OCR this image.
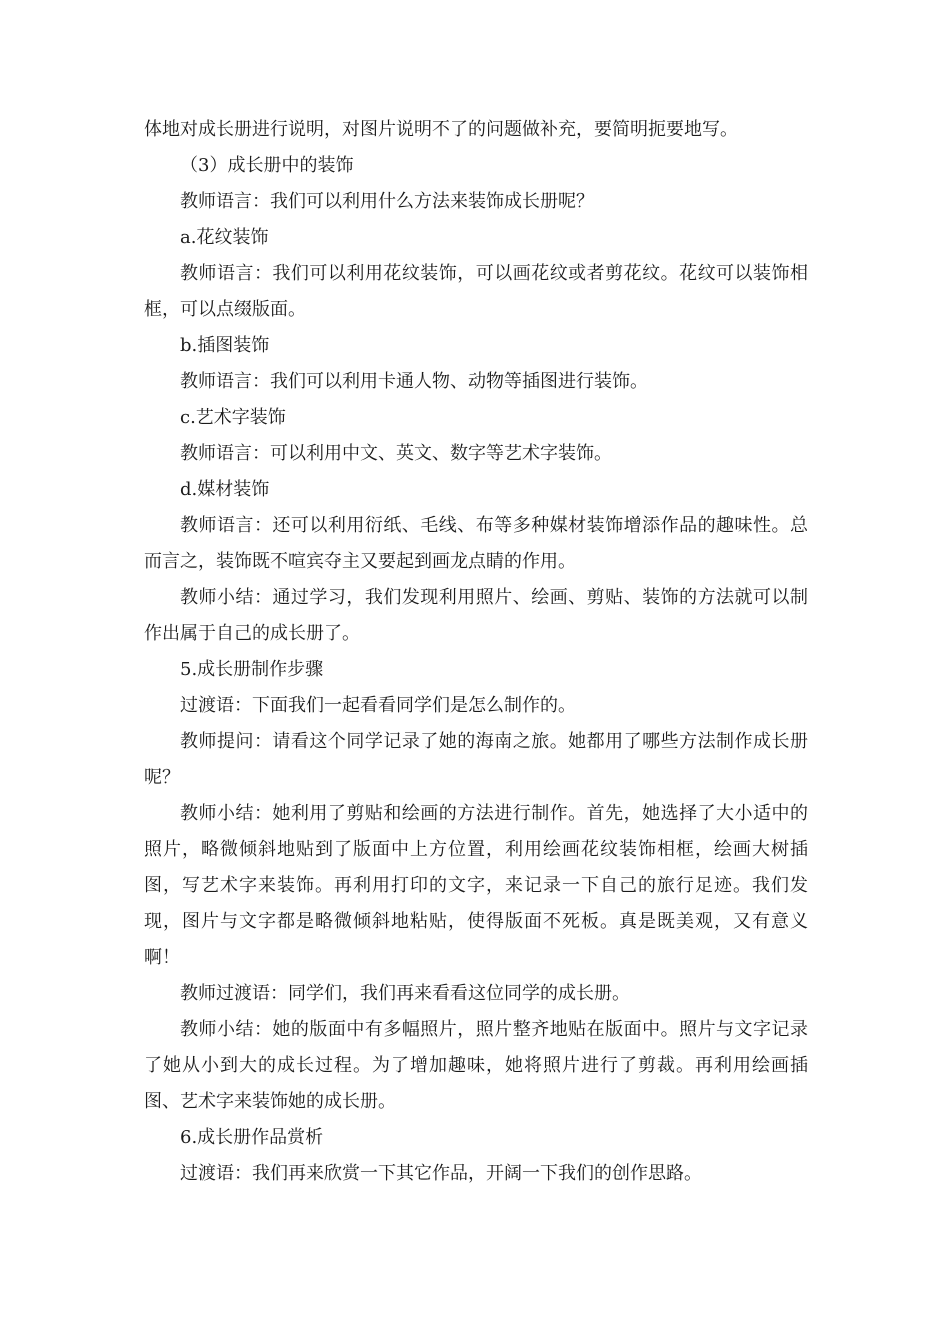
体地对成长册进行说明，对图片说明不了的问题做补充，要简明扼要地写。

（3）成长册中的装饰

教师语言：我们可以利用什么方法来装饰成长册呢？

a.花纹装饰

教师语言：我们可以利用花纹装饰，可以画花纹或者剪花纹。花纹可以装饰相框，可以点缀版面。

b.插图装饰

教师语言：我们可以利用卡通人物、动物等插图进行装饰。

c.艺术字装饰

教师语言：可以利用中文、英文、数字等艺术字装饰。

d.媒材装饰

教师语言：还可以利用衍纸、毛线、布等多种媒材装饰增添作品的趣味性。总而言之，装饰既不喧宾夺主又要起到画龙点睛的作用。

教师小结：通过学习，我们发现利用照片、绘画、剪贴、装饰的方法就可以制作出属于自己的成长册了。

5.成长册制作步骤

过渡语：下面我们一起看看同学们是怎么制作的。

教师提问：请看这个同学记录了她的海南之旅。她都用了哪些方法制作成长册呢？

教师小结：她利用了剪贴和绘画的方法进行制作。首先，她选择了大小适中的照片，略微倾斜地贴到了版面中上方位置，利用绘画花纹装饰相框，绘画大树插图，写艺术字来装饰。再利用打印的文字，来记录一下自己的旅行足迹。我们发现，图片与文字都是略微倾斜地粘贴，使得版面不死板。真是既美观，又有意义啊！

教师过渡语：同学们，我们再来看看这位同学的成长册。

教师小结：她的版面中有多幅照片，照片整齐地贴在版面中。照片与文字记录了她从小到大的成长过程。为了增加趣味，她将照片进行了剪裁。再利用绘画插图、艺术字来装饰她的成长册。

6.成长册作品赏析

过渡语：我们再来欣赏一下其它作品，开阔一下我们的创作思路。
